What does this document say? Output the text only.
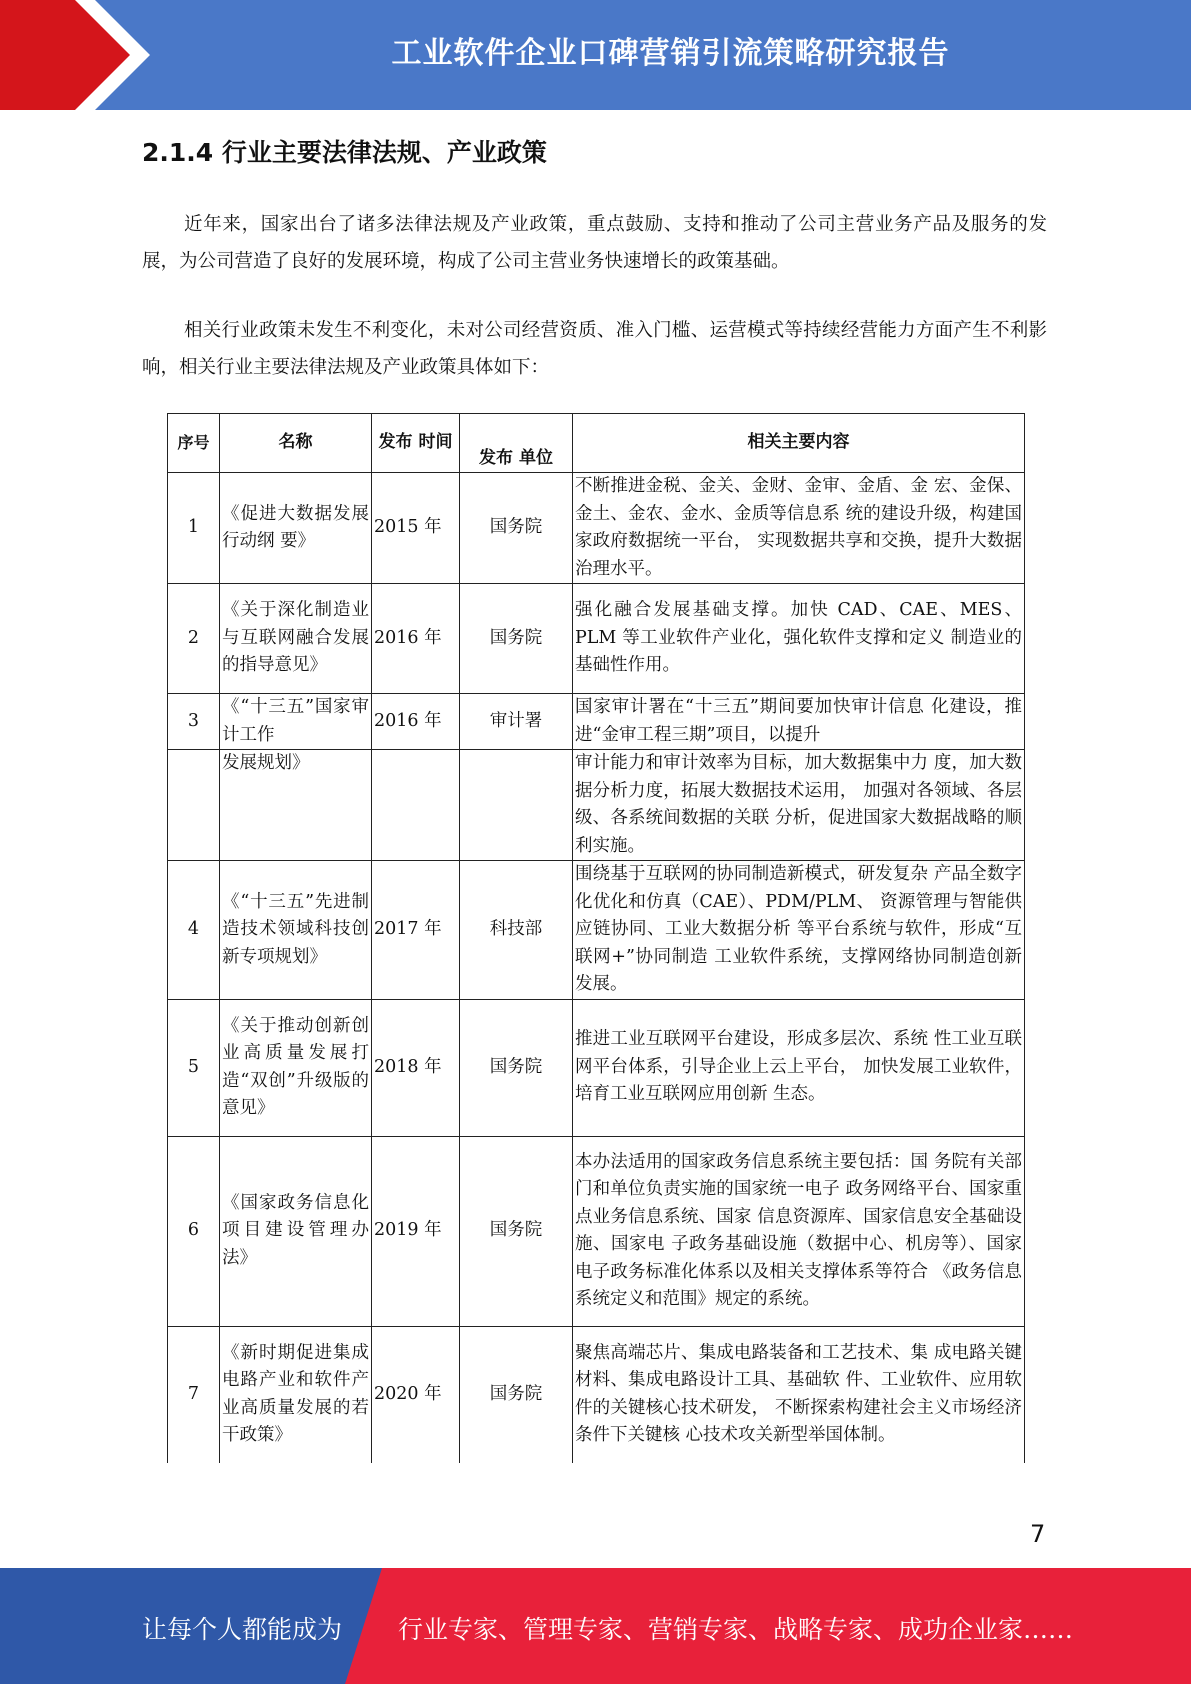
工业软件企业口碑营销引流策略研究报告
2.1.4 行业主要法律法规、产业政策
近年来，国家出台了诸多法律法规及产业政策，重点鼓励、支持和推动了公司主营业务产品及服务的发展，为公司营造了良好的发展环境，构成了公司主营业务快速增长的政策基础。
相关行业政策未发生不利变化，未对公司经营资质、准入门槛、运营模式等持续经营能力方面产生不利影响，相关行业主要法律法规及产业政策具体如下：
序号	名称	发布 时间	发布 单位	相关主要内容
1	《促进大数据发展行动纲 要》	2015 年	国务院	不断推进金税、金关、金财、金审、金盾、金 宏、金保、金土、金农、金水、金质等信息系 统的建设升级，构建国家政府数据统一平台， 实现数据共享和交换，提升大数据治理水平。
2	《关于深化制造业与互联网融合发展的指导意见》	2016 年	国务院	强化融合发展基础支撑。加快 CAD、CAE、MES、PLM 等工业软件产业化，强化软件支撑和定义 制造业的基础性作用。
3	《“十三五”国家审计工作	2016 年	审计署	国家审计署在“十三五”期间要加快审计信息 化建设，推进“金审工程三期”项目，以提升
	发展规划》			审计能力和审计效率为目标，加大数据集中力 度，加大数据分析力度，拓展大数据技术运用， 加强对各领域、各层级、各系统间数据的关联 分析，促进国家大数据战略的顺利实施。
4	《“十三五”先进制造技术领域科技创新专项规划》	2017 年	科技部	围绕基于互联网的协同制造新模式，研发复杂 产品全数字化优化和仿真（CAE）、PDM/PLM、 资源管理与智能供应链协同、工业大数据分析 等平台系统与软件，形成“互联网+”协同制造 工业软件系统，支撑网络协同制造创新发展。
5	《关于推动创新创业高质量发展打造“双创”升级版的意见》	2018 年	国务院	推进工业互联网平台建设，形成多层次、系统 性工业互联网平台体系，引导企业上云上平台， 加快发展工业软件，培育工业互联网应用创新 生态。
6	《国家政务信息化项目建设管理办法》	2019 年	国务院	本办法适用的国家政务信息系统主要包括：国 务院有关部门和单位负责实施的国家统一电子 政务网络平台、国家重点业务信息系统、国家 信息资源库、国家信息安全基础设施、国家电 子政务基础设施（数据中心、机房等）、国家 电子政务标准化体系以及相关支撑体系等符合 《政务信息系统定义和范围》规定的系统。
7	《新时期促进集成电路产业和软件产业高质量发展的若干政策》	2020 年	国务院	聚焦高端芯片、集成电路装备和工艺技术、集 成电路关键材料、集成电路设计工具、基础软 件、工业软件、应用软件的关键核心技术研发， 不断探索构建社会主义市场经济条件下关键核 心技术攻关新型举国体制。
7
让每个人都能成为 行业专家、管理专家、营销专家、战略专家、成功企业家……
